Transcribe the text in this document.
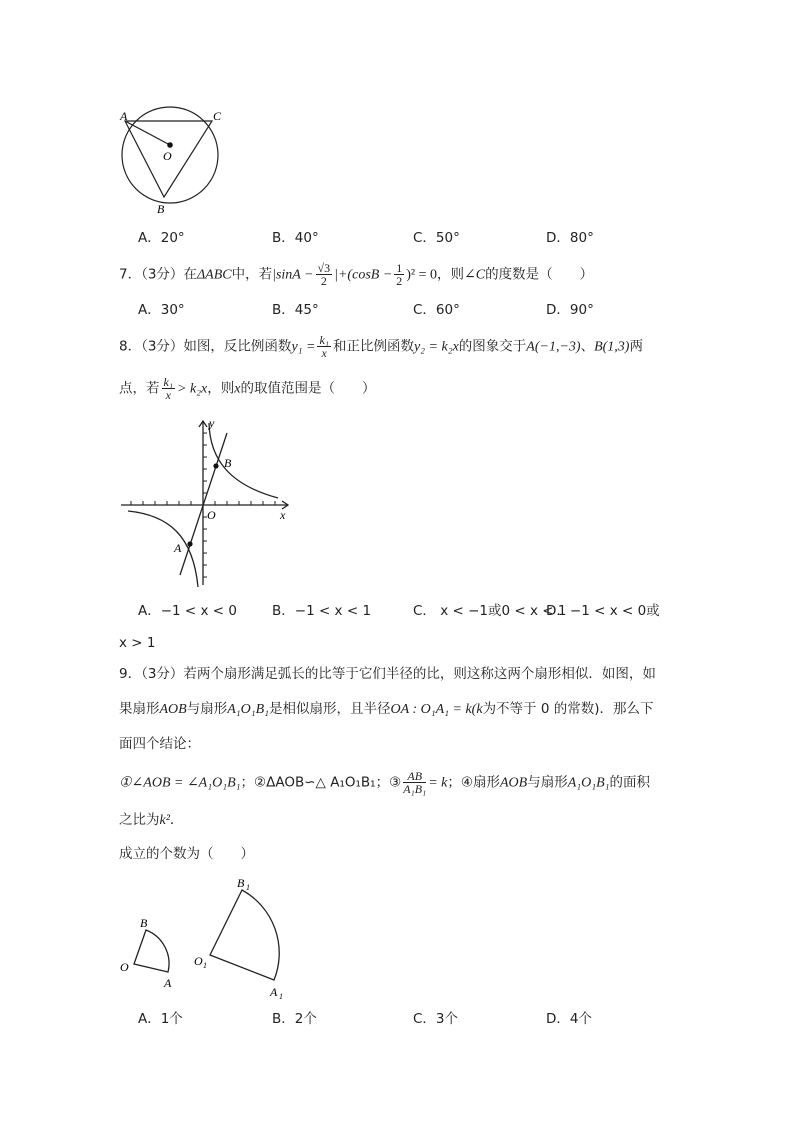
A	C
O
B
A．20°	B．40°	C．50°	D．80°
7．（3分）在ΔABC中，若$|\sin A - \frac{√3}{2} |+(\cos B - \frac{1}{2} )^2 = 0$，则∠C的度数是（　　）
A．30°	B．45°	C．60°	D．90°
8．（3分）如图，反比例函数$y_1 = \frac{\text{k₁}}{x}$ 和正比例函数y₂ = k₂x的图象交于A(−1,−3)、B(1,3)两
点，若 $\frac{\text{k₁}}{x} > k_2x$，则x的取值范围是（　　）
y
x
O
B
A
A．−1 < x < 0	B．−1 < x < 1	C． x < −1或0 < x < 1
D．−1 < x < 0或
x > 1
9．（3分）若两个扇形满足弧长的比等于它们半径的比，则这称这两个扇形相似．如图，如
果扇形AOB与扇形A₁O₁B₁是相似扇形，且半径OA : O₁A₁ = k(k为不等于 0 的常数)．那么下
面四个结论：
①∠AOB = ∠A₁O₁B₁；②ΔAOB∽△ A₁O₁B₁；③ $\frac{AB}{\text{A₁B₁}} = k$；④扇形AOB与扇形A₁O₁B₁的面积
之比为k²．
成立的个数为（　　）
B
O
A
B 1
O 1
A 1
A．1个	B．2个	C．3个	D．4个
